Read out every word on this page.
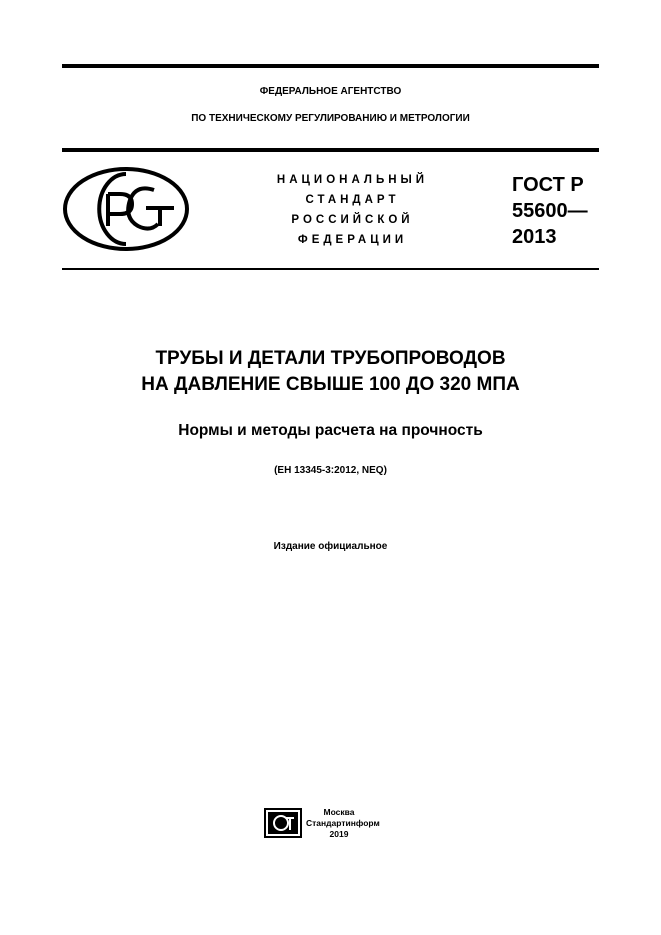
ФЕДЕРАЛЬНОЕ АГЕНТСТВО
ПО ТЕХНИЧЕСКОМУ РЕГУЛИРОВАНИЮ И МЕТРОЛОГИИ
НАЦИОНАЛЬНЫЙ
СТАНДАРТ
РОССИЙСКОЙ
ФЕДЕРАЦИИ
ГОСТ Р
55600—
2013
ТРУБЫ И ДЕТАЛИ ТРУБОПРОВОДОВ
НА ДАВЛЕНИЕ СВЫШЕ 100 ДО 320 МПА
Нормы и методы расчета на прочность
(EH 13345-3:2012, NEQ)
Издание официальное
Москва
Стандартинформ
2019
